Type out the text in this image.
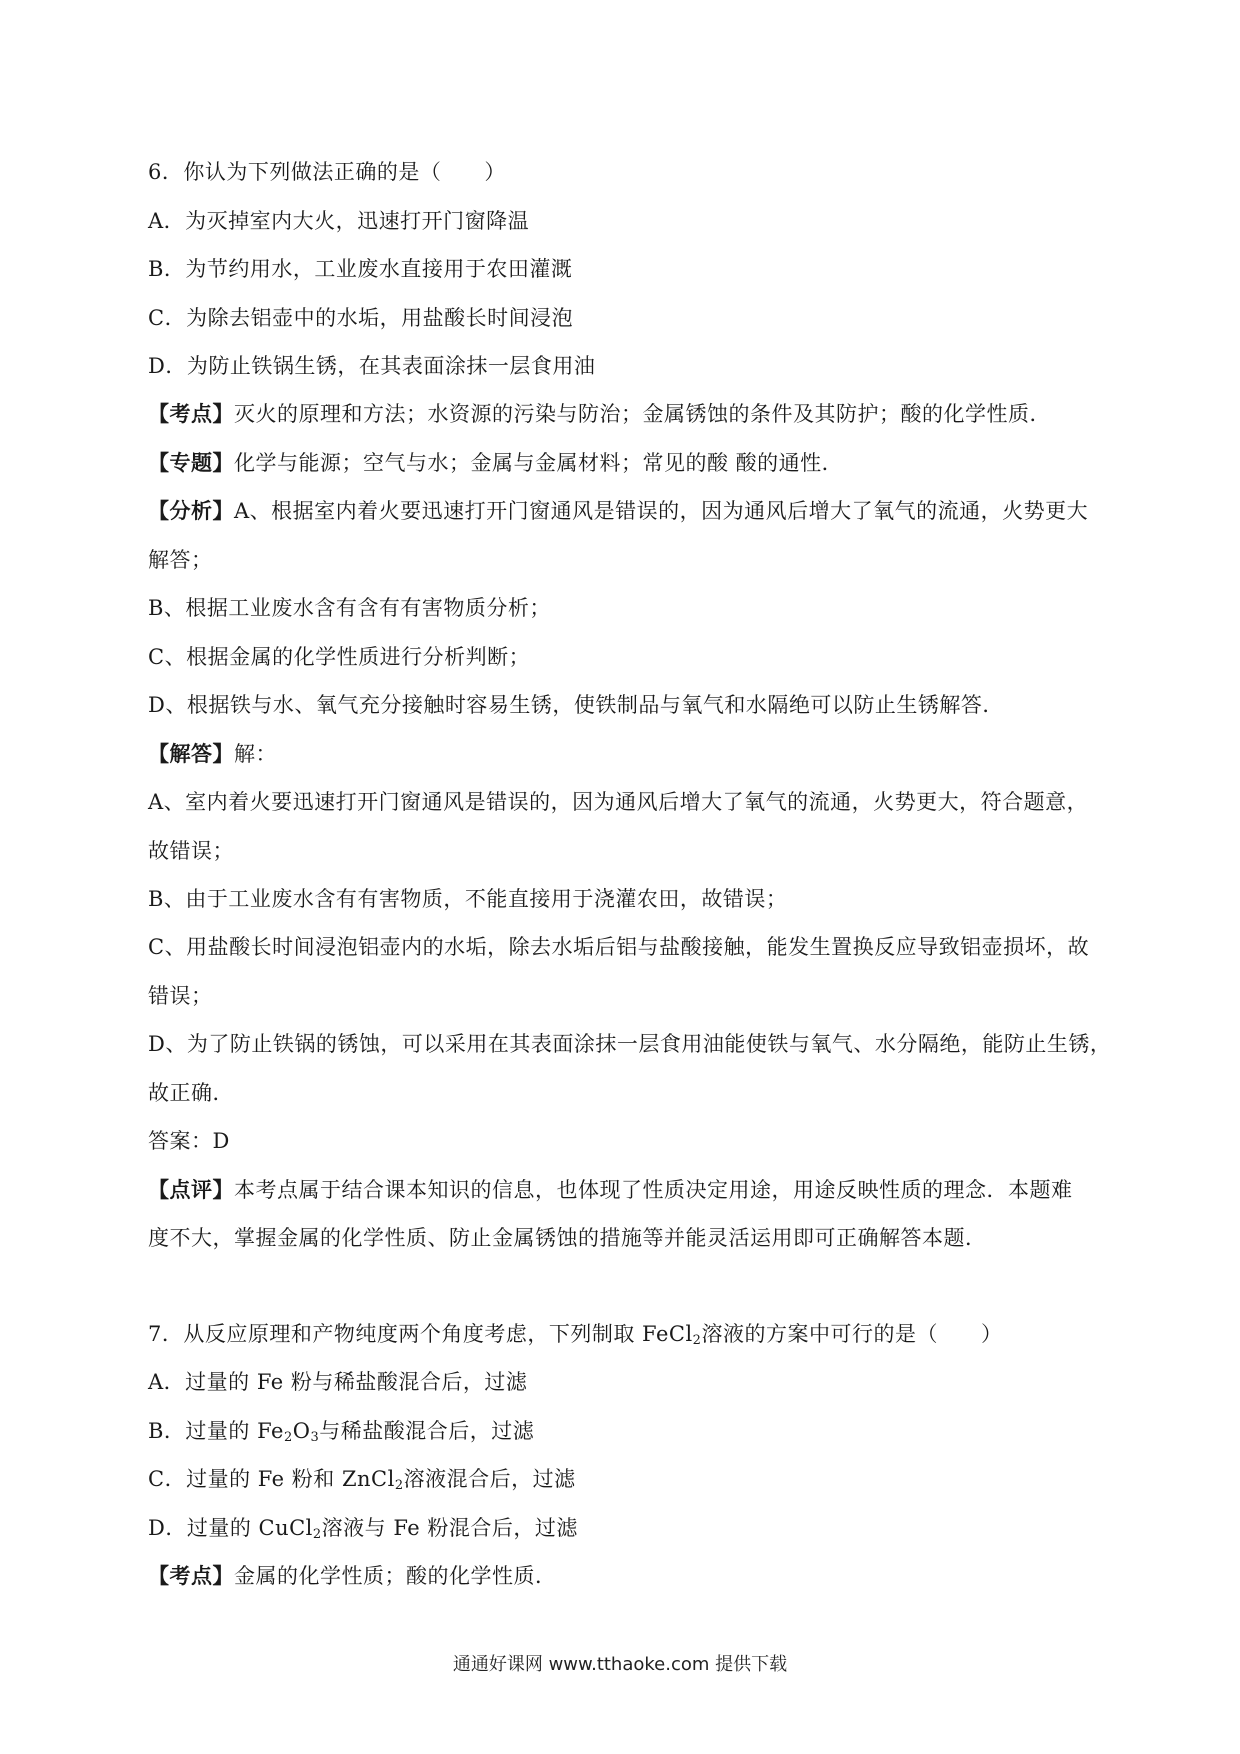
6．你认为下列做法正确的是（　　）
A．为灭掉室内大火，迅速打开门窗降温
B．为节约用水，工业废水直接用于农田灌溉
C．为除去铝壶中的水垢，用盐酸长时间浸泡
D．为防止铁锅生锈，在其表面涂抹一层食用油
【考点】灭火的原理和方法；水资源的污染与防治；金属锈蚀的条件及其防护；酸的化学性质．
【专题】化学与能源；空气与水；金属与金属材料；常见的酸 酸的通性．
【分析】A、根据室内着火要迅速打开门窗通风是错误的，因为通风后增大了氧气的流通，火势更大
解答；
B、根据工业废水含有含有有害物质分析；
C、根据金属的化学性质进行分析判断；
D、根据铁与水、氧气充分接触时容易生锈，使铁制品与氧气和水隔绝可以防止生锈解答．
【解答】解：
A、室内着火要迅速打开门窗通风是错误的，因为通风后增大了氧气的流通，火势更大，符合题意，
故错误；
B、由于工业废水含有有害物质，不能直接用于浇灌农田，故错误；
C、用盐酸长时间浸泡铝壶内的水垢，除去水垢后铝与盐酸接触，能发生置换反应导致铝壶损坏，故
错误；
D、为了防止铁锅的锈蚀，可以采用在其表面涂抹一层食用油能使铁与氧气、水分隔绝，能防止生锈，
故正确．
答案：D
【点评】本考点属于结合课本知识的信息，也体现了性质决定用途，用途反映性质的理念．本题难
度不大，掌握金属的化学性质、防止金属锈蚀的措施等并能灵活运用即可正确解答本题．
7．从反应原理和产物纯度两个角度考虑，下列制取 FeCl$_2$溶液的方案中可行的是（　　）
A．过量的 Fe 粉与稀盐酸混合后，过滤
B．过量的 $Fe_2O_3$与稀盐酸混合后，过滤
C．过量的 Fe 粉和 ZnCl$_2$溶液混合后，过滤
D．过量的 CuCl$_2$溶液与 Fe 粉混合后，过滤
【考点】金属的化学性质；酸的化学性质．
通通好课网 www.tthaoke.com 提供下载
